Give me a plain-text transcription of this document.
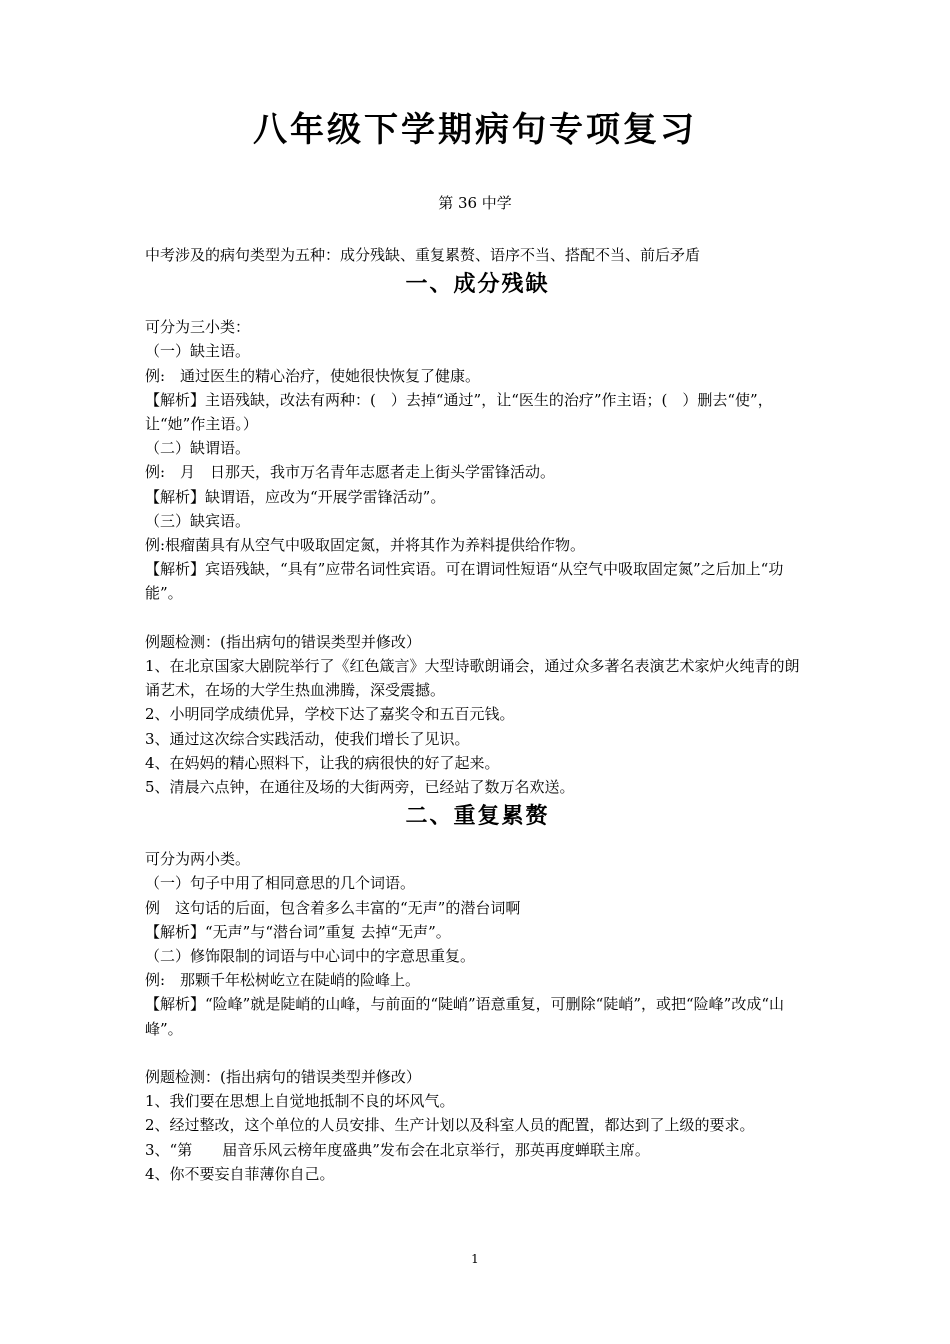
八年级下学期病句专项复习

第 36 中学

中考涉及的病句类型为五种：成分残缺、重复累赘、语序不当、搭配不当、前后矛盾

一、成分残缺

可分为三小类：

（一）缺主语。

例:　通过医生的精心治疗，使她很快恢复了健康。

【解析】主语残缺，改法有两种：(　）去掉“通过”，让“医生的治疗”作主语；(　）删去“使”，让“她”作主语。）

（二）缺谓语。

例:　月　日那天，我市万名青年志愿者走上街头学雷锋活动。

【解析】缺谓语，应改为“开展学雷锋活动”。

（三）缺宾语。

例:根瘤菌具有从空气中吸取固定氮，并将其作为养料提供给作物。

【解析】宾语残缺，“具有”应带名词性宾语。可在谓词性短语“从空气中吸取固定氮”之后加上“功能”。

例题检测：(指出病句的错误类型并修改）

1、在北京国家大剧院举行了《红色箴言》大型诗歌朗诵会，通过众多著名表演艺术家炉火纯青的朗诵艺术，在场的大学生热血沸腾，深受震撼。

2、小明同学成绩优异，学校下达了嘉奖令和五百元钱。

3、通过这次综合实践活动，使我们增长了见识。

4、在妈妈的精心照料下，让我的病很快的好了起来。

5、清晨六点钟，在通往及场的大街两旁，已经站了数万名欢送。

二、重复累赘

可分为两小类。

（一）句子中用了相同意思的几个词语。

例　这句话的后面，包含着多么丰富的“无声”的潜台词啊

【解析】“无声”与“潜台词”重复 去掉“无声”。

（二）修饰限制的词语与中心词中的字意思重复。

例:　那颗千年松树屹立在陡峭的险峰上。

【解析】“险峰”就是陡峭的山峰，与前面的“陡峭”语意重复，可删除“陡峭”，或把“险峰”改成“山峰”。

例题检测：(指出病句的错误类型并修改）

1、我们要在思想上自觉地抵制不良的坏风气。

2、经过整改，这个单位的人员安排、生产计划以及科室人员的配置，都达到了上级的要求。

3、“第　　届音乐风云榜年度盛典”发布会在北京举行，那英再度蝉联主席。

4、你不要妄自菲薄你自己。

1
